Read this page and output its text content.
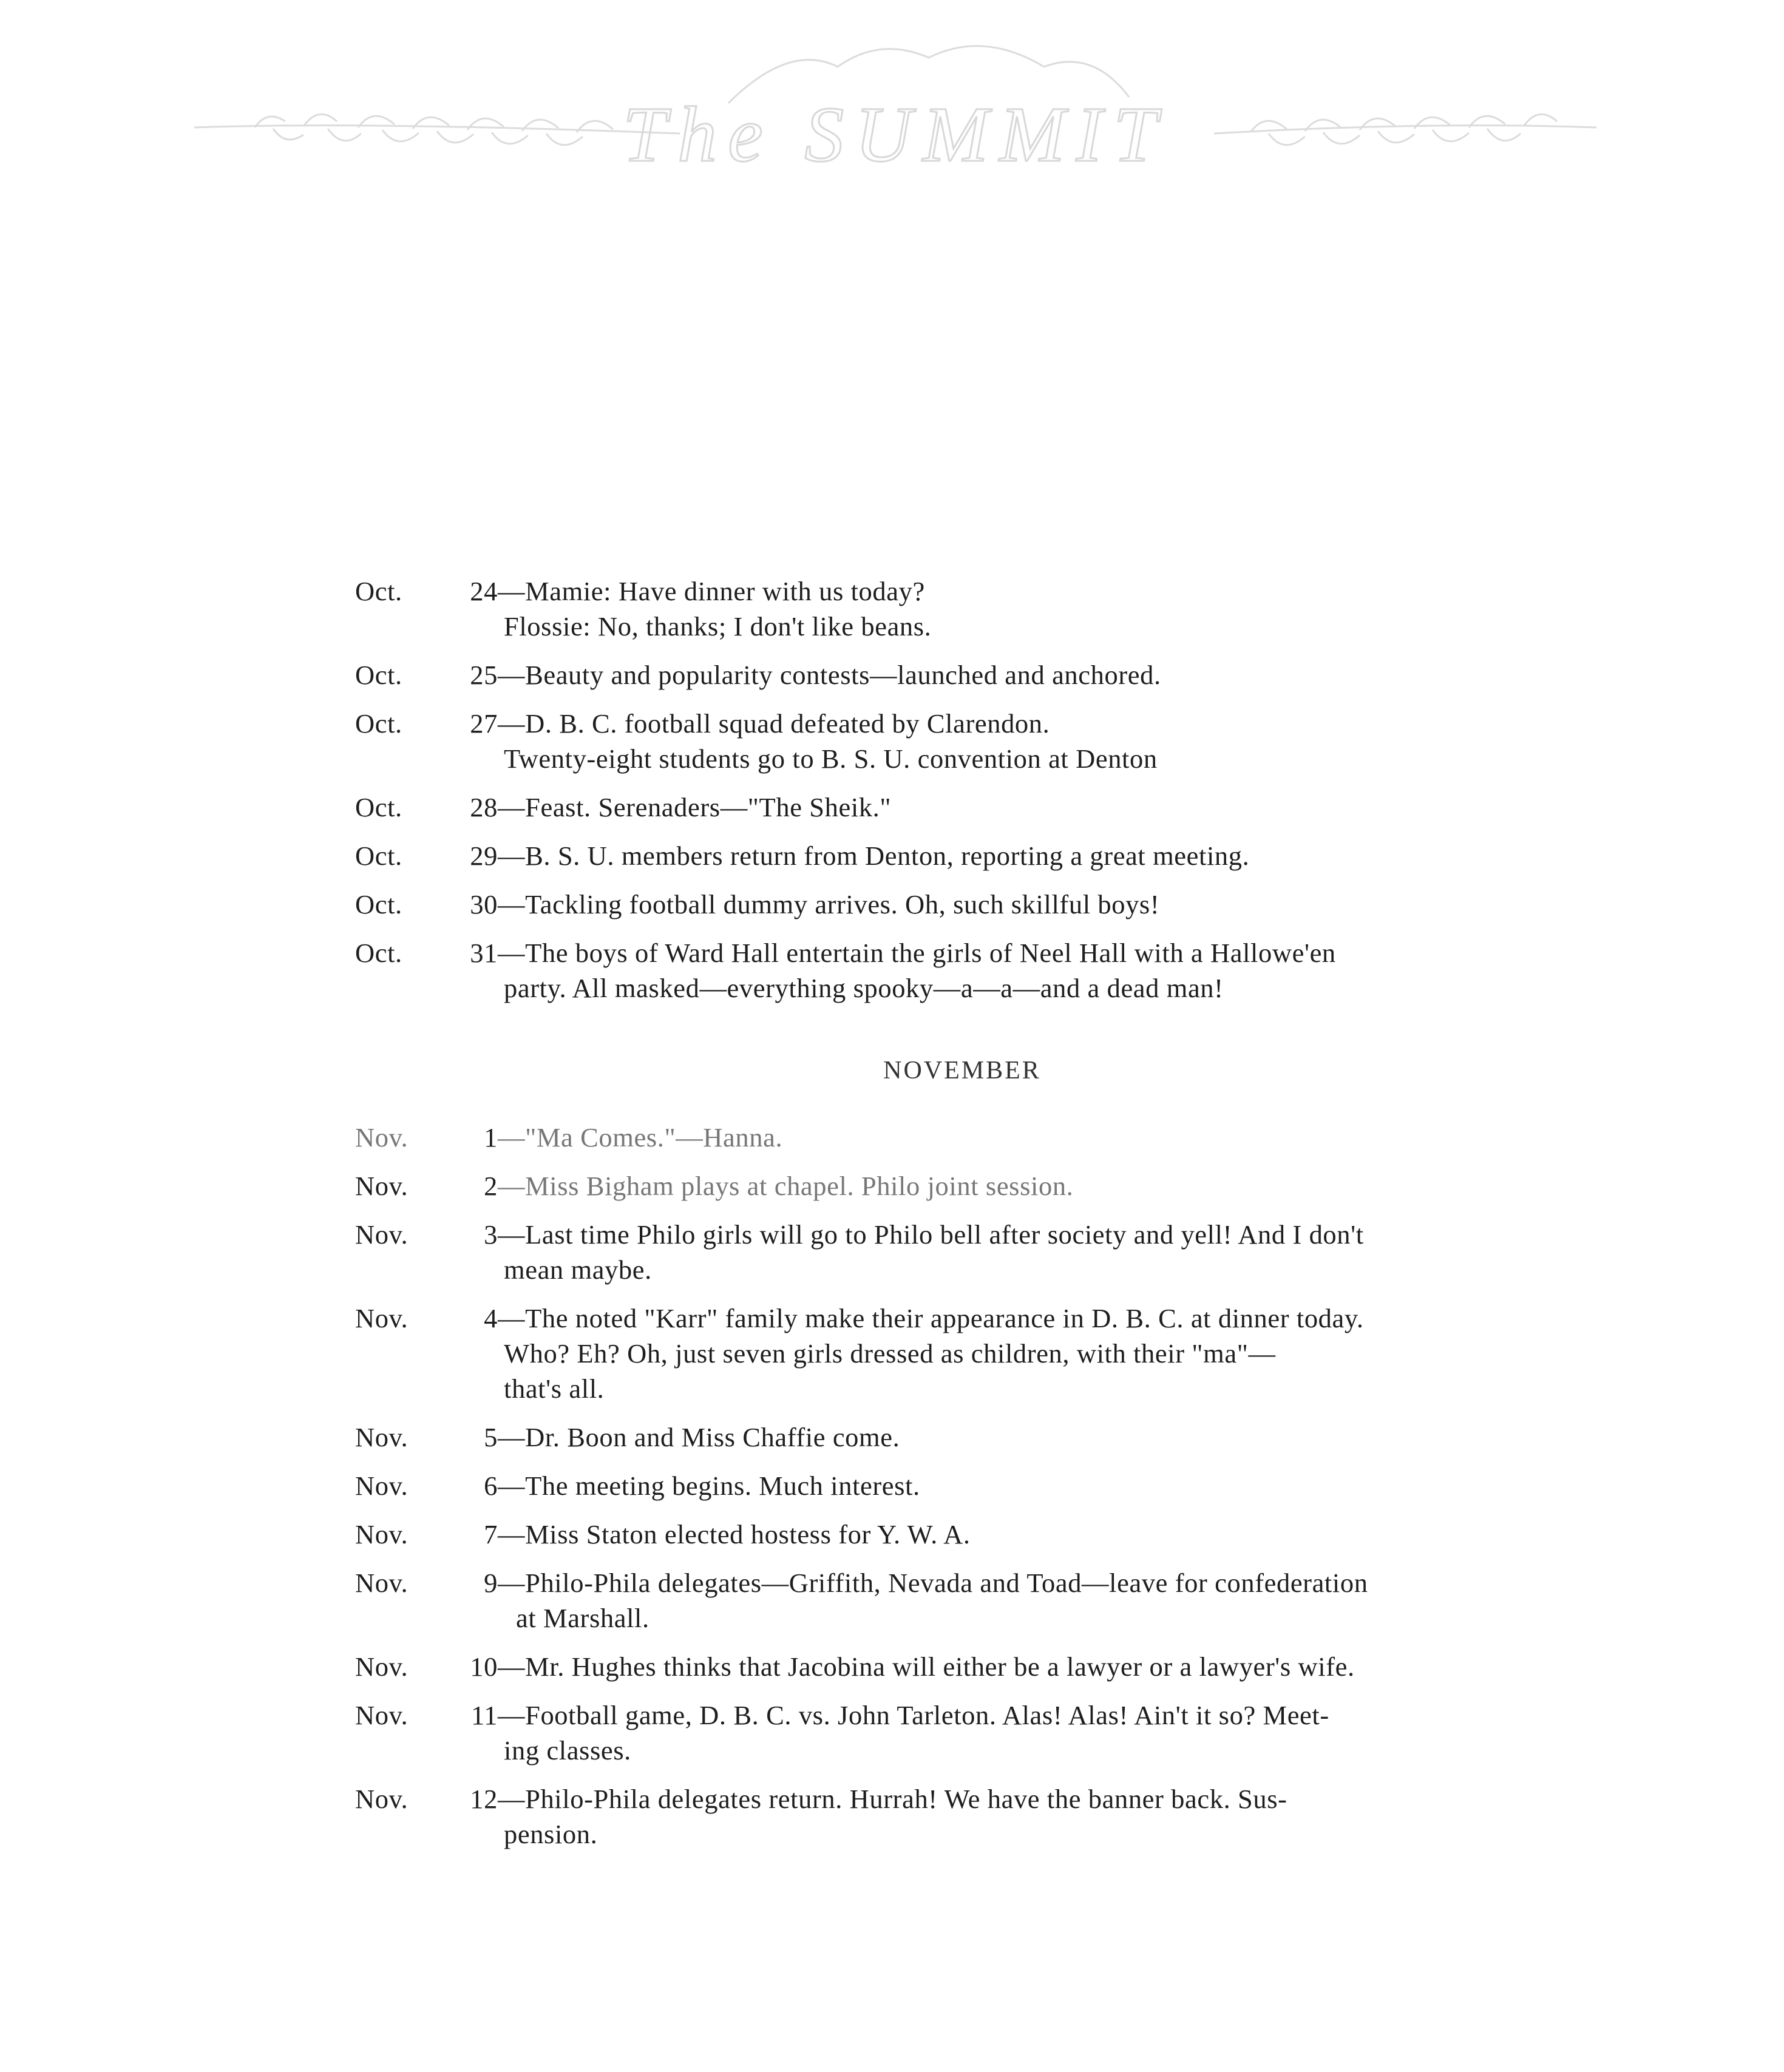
The SUMMIT
Oct.	24 —Mamie: Have dinner with us today?
Flossie: No, thanks; I don't like beans.
Oct.	25 —Beauty and popularity contests—launched and anchored.
Oct.	27 —D. B. C. football squad defeated by Clarendon.
Twenty-eight students go to B. S. U. convention at Denton
Oct.	28 —Feast. Serenaders—"The Sheik."
Oct.	29 —B. S. U. members return from Denton, reporting a great meeting.
Oct.	30 —Tackling football dummy arrives. Oh, such skillful boys!
Oct.	31 —The boys of Ward Hall entertain the girls of Neel Hall with a Hallowe'en
party. All masked—everything spooky—a—a—and a dead man!
NOVEMBER
Nov.	1 —"Ma Comes."—Hanna.
Nov.	2 —Miss Bigham plays at chapel. Philo joint session.
Nov.	3 —Last time Philo girls will go to Philo bell after society and yell! And I don't
mean maybe.
Nov.	4 —The noted "Karr" family make their appearance in D. B. C. at dinner today.
Who? Eh? Oh, just seven girls dressed as children, with their "ma"—
that's all.
Nov.	5 —Dr. Boon and Miss Chaffie come.
Nov.	6 —The meeting begins. Much interest.
Nov.	7 —Miss Staton elected hostess for Y. W. A.
Nov.	9 —Philo-Phila delegates—Griffith, Nevada and Toad—leave for confederation
at Marshall.
Nov.	10 —Mr. Hughes thinks that Jacobina will either be a lawyer or a lawyer's wife.
Nov.	11 —Football game, D. B. C. vs. John Tarleton. Alas! Alas! Ain't it so? Meet-
ing classes.
Nov.	12 —Philo-Phila delegates return. Hurrah! We have the banner back. Sus-
pension.
